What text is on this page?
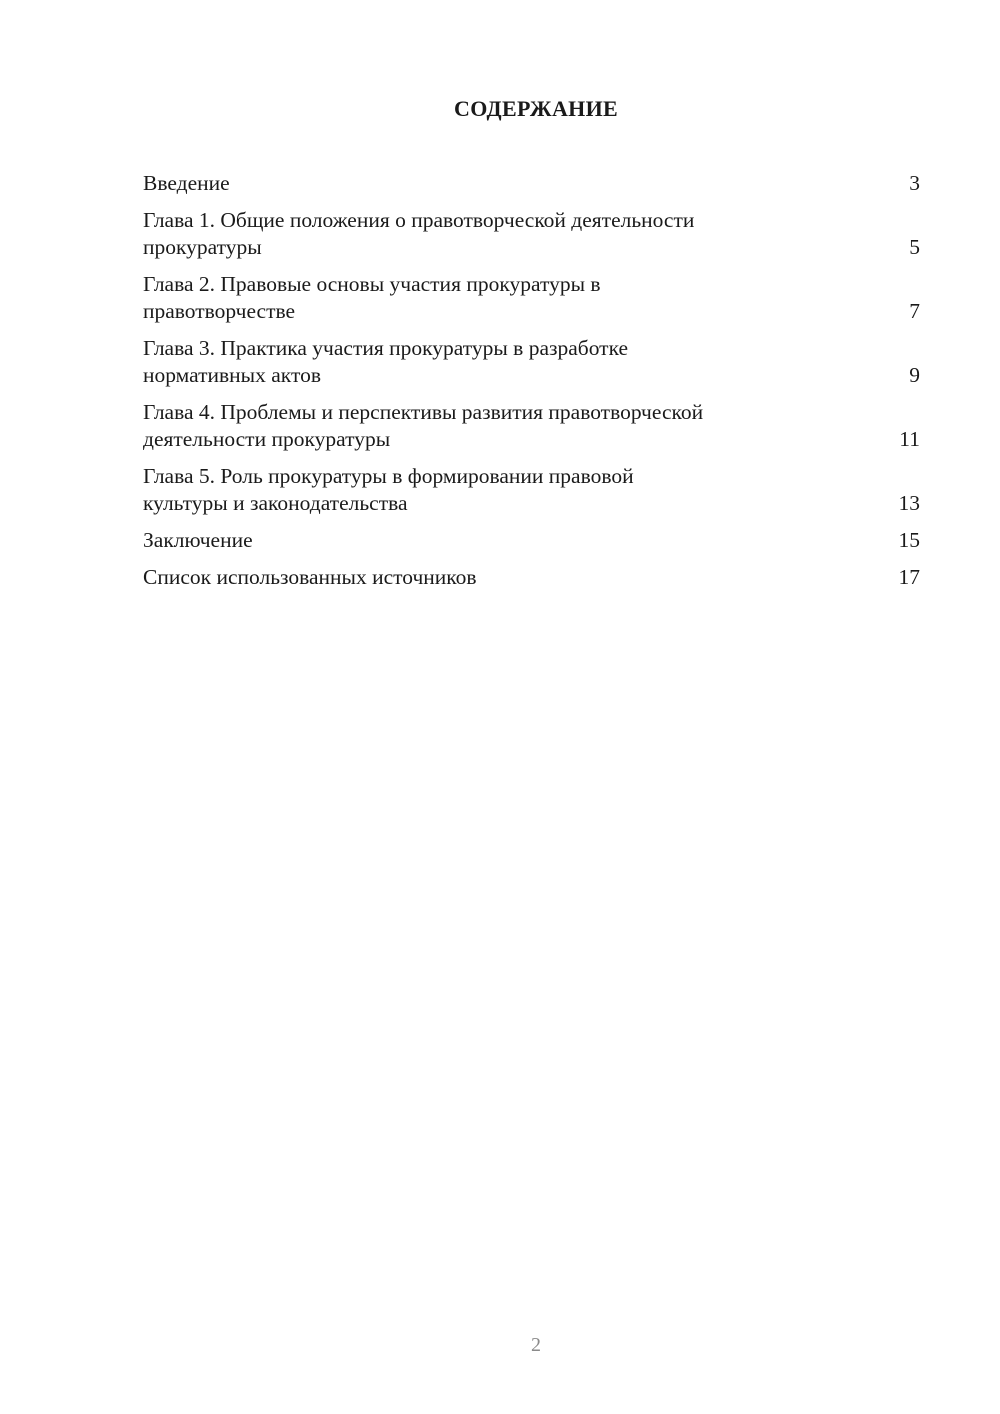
СОДЕРЖАНИЕ
Введение	3
Глава 1. Общие положения о правотворческой деятельности
прокуратуры	5
Глава 2. Правовые основы участия прокуратуры в
правотворчестве	7
Глава 3. Практика участия прокуратуры в разработке
нормативных актов	9
Глава 4. Проблемы и перспективы развития правотворческой
деятельности прокуратуры	11
Глава 5. Роль прокуратуры в формировании правовой
культуры и законодательства	13
Заключение	15
Список использованных источников	17
2
